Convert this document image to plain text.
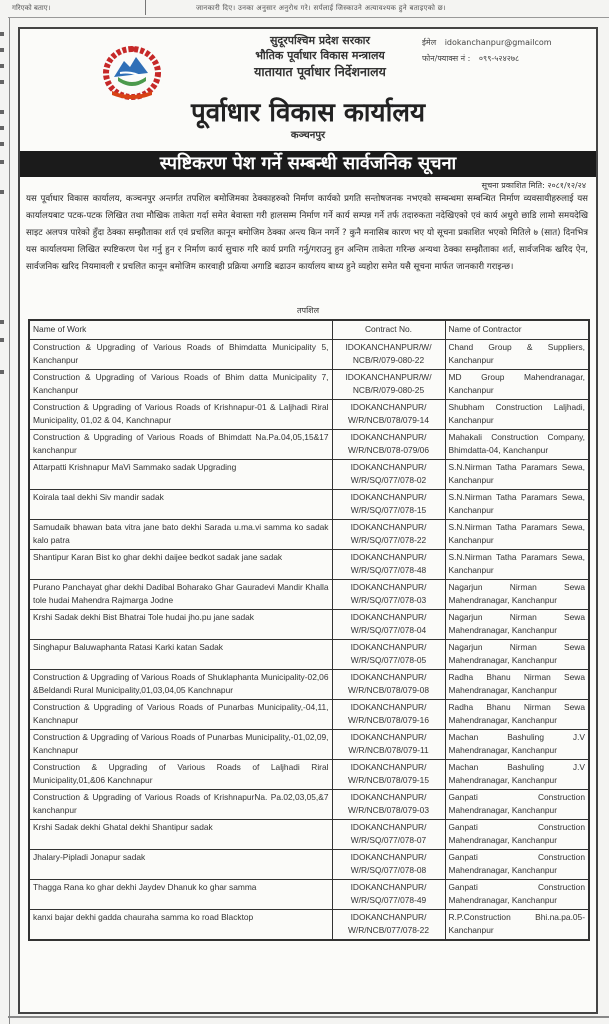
गरिएको बताए।	जानकारी दिए। उनका अनुसार अनुरोध गरे। सर्पलाई जिस्काउने अत्यावश्यक हुने बताइएको छ।
सुदूरपश्चिम प्रदेश सरकार
भौतिक पूर्वाधार विकास मन्त्रालय
यातायात पूर्वाधार निर्देशनालय
ईमेल idokanchanpur@gmailcom
फोन/फ्याक्स नं : ०९९-५२४२७८
पूर्वाधार विकास कार्यालय
कञ्चनपुर
स्पष्टिकरण पेश गर्ने सम्बन्धी सार्वजनिक सूचना
सूचना प्रकाशित मिति: २०८१/१२/२४

यस पूर्वाधार विकास कार्यालय, कञ्चनपुर अन्तर्गत तपशिल बमोजिमका ठेक्काहरुको निर्माण कार्यको प्रगति सन्तोषजनक नभएको सम्बन्धमा सम्बन्धित निर्माण व्यवसायीहरुलाई यस कार्यालयबाट पटक-पटक लिखित तथा मौखिक ताकेता गर्दा समेत बेवास्ता गरी हालसम्म निर्माण गर्ने कार्य सम्पन्न गर्ने तर्फ तदारुकता नदेखिएको एवं कार्य अधुरो छाडि लामो समयदेखि साइट अलपत्र पारेको हुँदा ठेक्का सम्झौताका शर्त एवं प्रचलित कानून बमोजिम ठेक्का अन्त्य किन नगर्ने ? कुनै मनासिब कारण भए यो सूचना प्रकाशित भएको मितिले ७ (सात) दिनभित्र यस कार्यालयमा लिखित स्पष्टिकरण पेश गर्नु हुन र निर्माण कार्य सुचारु गरि कार्य प्रगति गर्नु/गराउनु हुन अन्तिम ताकेता गरिन्छ अन्यथा ठेक्का सम्झौताका शर्त, सार्वजनिक खरिद ऐन, सार्वजनिक खरिद नियमावली र प्रचलित कानून बमोजिम कारवाही प्रक्रिया अगाडि बढाउन कार्यालय बाध्य हुने व्यहोरा समेत यसै सूचना मार्फत जानकारी गराइन्छ।

तपशिल
Name of Work	Contract No.	Name of Contractor
Construction & Upgrading of Various Roads of Bhimdatta Municipality 5, Kanchanpur	IDOKANCHANPUR/W/ NCB/R/079-080-22	Chand Group & Suppliers, Kanchanpur
Construction & Upgrading of Various Roads of Bhim datta Municipality 7, Kanchanpur	IDOKANCHANPUR/W/ NCB/R/079-080-25	MD Group Mahendranagar, Kanchanpur
Construction & Upgrading of Various Roads of Krishnapur-01 & Laljhadi Riral Municipality, 01,02 & 04, Kanchnapur	IDOKANCHANPUR/ W/R/NCB/078/079-14	Shubham Construction Laljhadi, Kanchanpur
Construction & Upgrading of Various Roads of Bhimdatt Na.Pa.04,05,15&17 kanchanpur	IDOKANCHANPUR/ W/R/NCB/078-079/06	Mahakali Construction Company, Bhimdatta-04, Kanchanpur
Attarpatti Krishnapur MaVi Sammako sadak Upgrading	IDOKANCHANPUR/ W/R/SQ/077/078-02	S.N.Nirman Tatha Paramars Sewa, Kanchanpur
Koirala taal dekhi Siv mandir sadak	IDOKANCHANPUR/ W/R/SQ/077/078-15	S.N.Nirman Tatha Paramars Sewa, Kanchanpur
Samudaik bhawan bata vitra jane bato dekhi Sarada u.ma.vi samma ko sadak kalo patra	IDOKANCHANPUR/ W/R/SQ/077/078-22	S.N.Nirman Tatha Paramars Sewa, Kanchanpur
Shantipur Karan Bist ko ghar dekhi daijee bedkot sadak jane sadak	IDOKANCHANPUR/ W/R/SQ/077/078-48	S.N.Nirman Tatha Paramars Sewa, Kanchanpur
Purano Panchayat ghar dekhi Dadibal Boharako Ghar Gauradevi Mandir Khalla tole hudai Mahendra Rajmarga Jodne	IDOKANCHANPUR/ W/R/SQ/077/078-03	Nagarjun Nirman Sewa Mahendranagar, Kanchanpur
Krshi Sadak dekhi Bist Bhatrai Tole hudai jho.pu jane sadak	IDOKANCHANPUR/ W/R/SQ/077/078-04	Nagarjun Nirman Sewa Mahendranagar, Kanchanpur
Singhapur Baluwaphanta Ratasi Karki katan Sadak	IDOKANCHANPUR/ W/R/SQ/077/078-05	Nagarjun Nirman Sewa Mahendranagar, Kanchanpur
Construction & Upgrading of Various Roads of Shuklaphanta Municipality-02,06 &Beldandi Rural Municipality,01,03,04,05 Kanchnapur	IDOKANCHANPUR/ W/R/NCB/078/079-08	Radha Bhanu Nirman Sewa Mahendranagar, Kanchanpur
Construction & Upgrading of Various Roads of Punarbas Municipality,-04,11, Kanchnapur	IDOKANCHANPUR/ W/R/NCB/078/079-16	Radha Bhanu Nirman Sewa Mahendranagar, Kanchanpur
Construction & Upgrading of Various Roads of Punarbas Municipality,-01,02,09, Kanchnapur	IDOKANCHANPUR/ W/R/NCB/078/079-11	Machan Bashuling J.V Mahendranagar, Kanchanpur
Construction & Upgrading of Various Roads of Laljhadi Riral Municipality,01,&06 Kanchnapur	IDOKANCHANPUR/ W/R/NCB/078/079-15	Machan Bashuling J.V Mahendranagar, Kanchanpur
Construction & Upgrading of Various Roads of KrishnapurNa. Pa.02,03,05,&7 kanchanpur	IDOKANCHANPUR/ W/R/NCB/078/079-03	Ganpati Construction Mahendranagar, Kanchanpur
Krshi Sadak dekhi Ghatal dekhi Shantipur sadak	IDOKANCHANPUR/ W/R/SQ/077/078-07	Ganpati Construction Mahendranagar, Kanchanpur
Jhalary-Pipladi Jonapur sadak	IDOKANCHANPUR/ W/R/SQ/077/078-08	Ganpati Construction Mahendranagar, Kanchanpur
Thagga Rana ko ghar dekhi Jaydev Dhanuk ko ghar samma	IDOKANCHANPUR/ W/R/SQ/077/078-49	Ganpati Construction Mahendranagar, Kanchanpur
kanxi bajar dekhi gadda chauraha samma ko road Blacktop	IDOKANCHANPUR/ W/R/NCB/077/078-22	R.P.Construction Bhi.na.pa.05- Kanchanpur
